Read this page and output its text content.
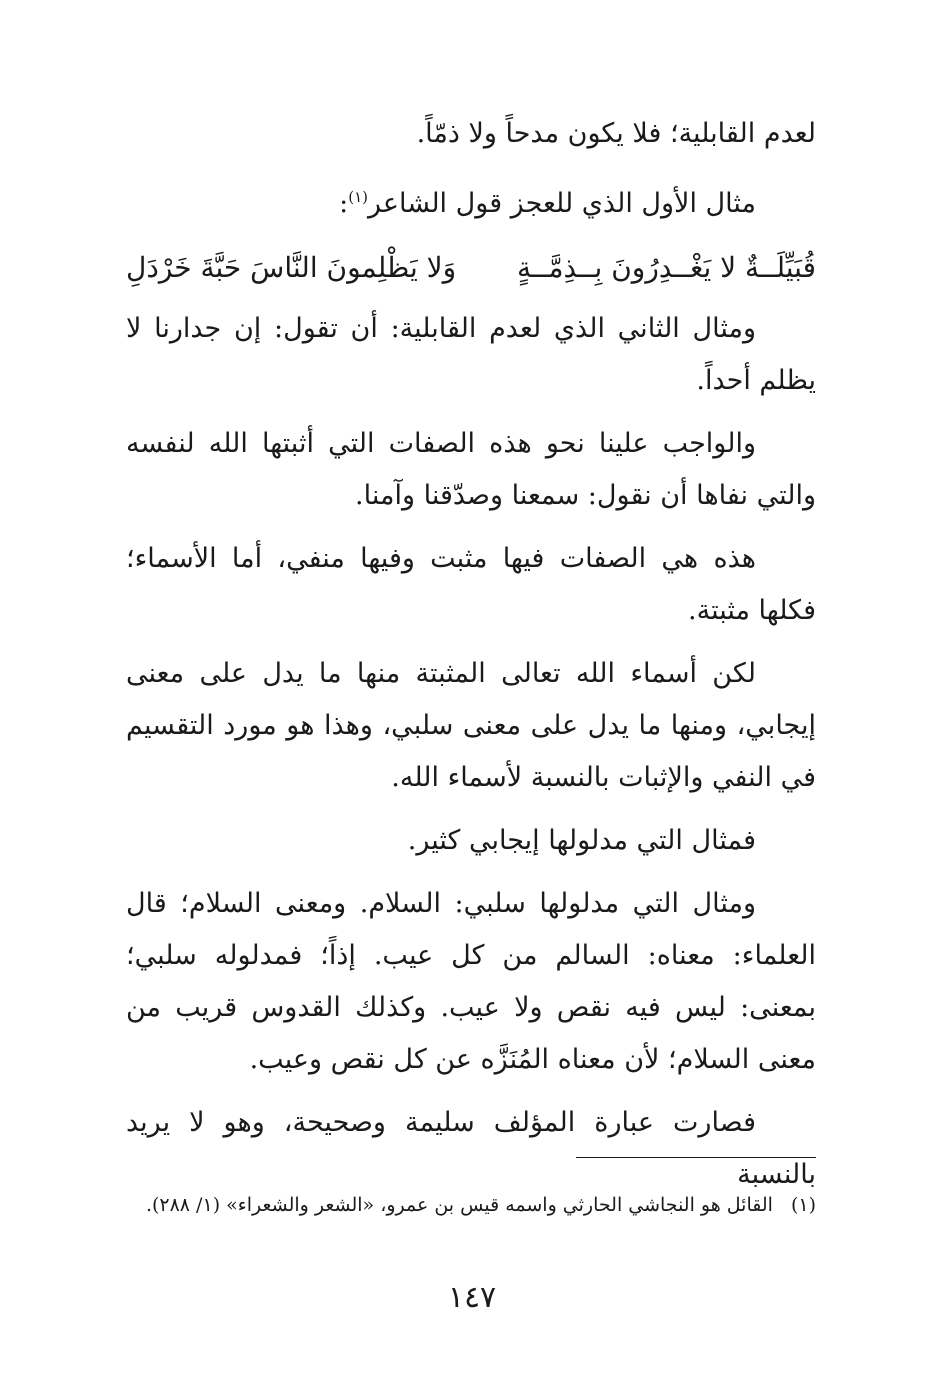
لعدم القابلية؛ فلا يكون مدحاً ولا ذمّاً.
مثال الأول الذي للعجز قول الشاعر$^{(١)}$:
قُبَيِّلَــةٌ لا يَغْــدِرُونَ بِــذِمَّــةٍ
وَلا يَظْلِمونَ النَّاسَ حَبَّةَ خَرْدَلِ
ومثال الثاني الذي لعدم القابلية: أن تقول: إن جدارنا لا يظلم أحداً.
والواجب علينا نحو هذه الصفات التي أثبتها الله لنفسه والتي نفاها أن نقول: سمعنا وصدّقنا وآمنا.
هذه هي الصفات فيها مثبت وفيها منفي، أما الأسماء؛ فكلها مثبتة.
لكن أسماء الله تعالى المثبتة منها ما يدل على معنى إيجابي، ومنها ما يدل على معنى سلبي، وهذا هو مورد التقسيم في النفي والإثبات بالنسبة لأسماء الله.
فمثال التي مدلولها إيجابي كثير.
ومثال التي مدلولها سلبي: السلام. ومعنى السلام؛ قال العلماء: معناه: السالم من كل عيب. إذاً؛ فمدلوله سلبي؛ بمعنى: ليس فيه نقص ولا عيب. وكذلك القدوس قريب من معنى السلام؛ لأن معناه المُنَزَّه عن كل نقص وعيب.
فصارت عبارة المؤلف سليمة وصحيحة، وهو لا يريد بالنسبة
(١)القائل هو النجاشي الحارثي واسمه قيس بن عمرو، «الشعر والشعراء» (١/ ٢٨٨).
١٤٧
